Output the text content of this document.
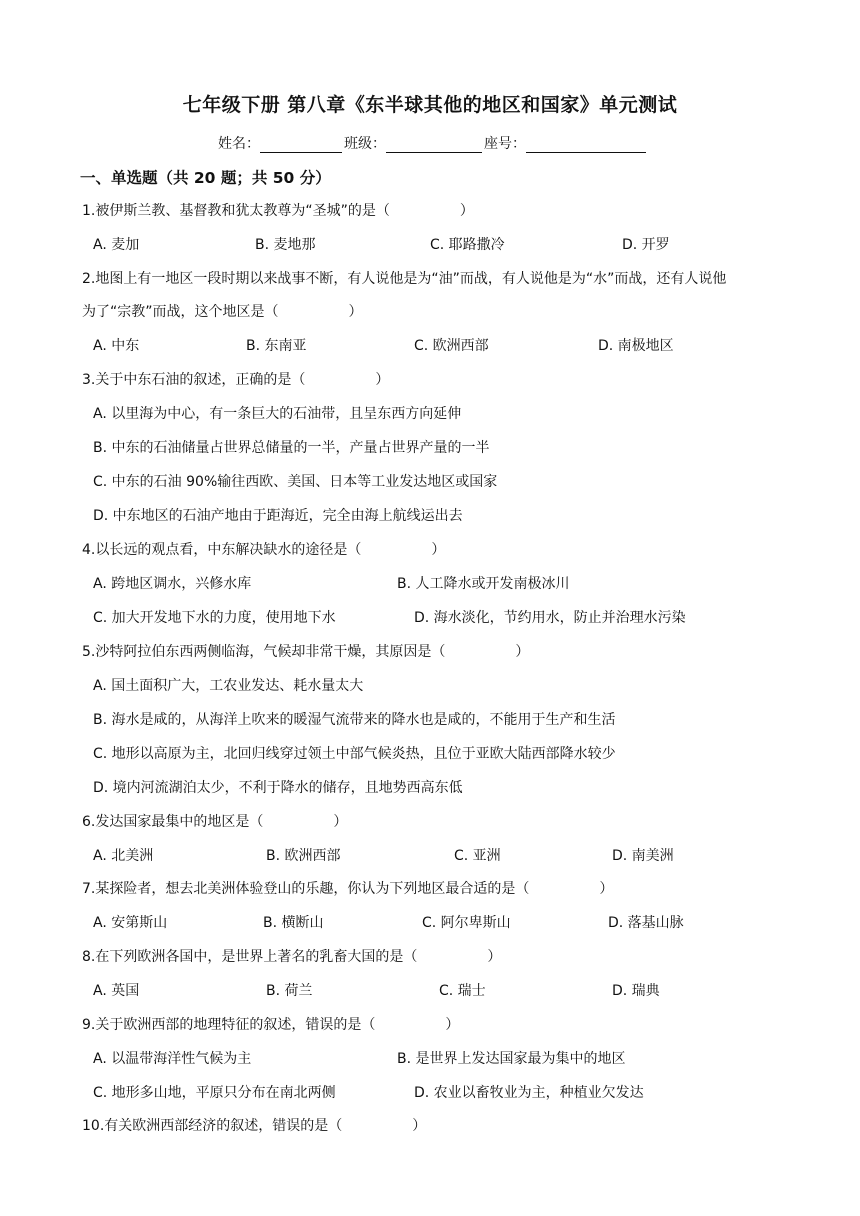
七年级下册 第八章《东半球其他的地区和国家》单元测试
姓名：	班级：	座号：
一、单选题（共 20 题；共 50 分）
1.被伊斯兰教、基督教和犹太教尊为“圣城”的是（　　　　　）
A. 麦加	B. 麦地那	C. 耶路撒冷	D. 开罗
2.地图上有一地区一段时期以来战事不断，有人说他是为“油”而战，有人说他是为“水”而战，还有人说他
为了“宗教”而战，这个地区是（　　　　　）
A. 中东	B. 东南亚	C. 欧洲西部	D. 南极地区
3.关于中东石油的叙述，正确的是（　　　　　）
A. 以里海为中心，有一条巨大的石油带，且呈东西方向延伸
B. 中东的石油储量占世界总储量的一半，产量占世界产量的一半
C. 中东的石油 90%输往西欧、美国、日本等工业发达地区或国家
D. 中东地区的石油产地由于距海近，完全由海上航线运出去
4.以长远的观点看，中东解决缺水的途径是（　　　　　）
A. 跨地区调水，兴修水库	B. 人工降水或开发南极冰川
C. 加大开发地下水的力度，使用地下水	D. 海水淡化，节约用水，防止并治理水污染
5.沙特阿拉伯东西两侧临海，气候却非常干燥，其原因是（　　　　　）
A. 国土面积广大，工农业发达、耗水量太大
B. 海水是咸的，从海洋上吹来的暖湿气流带来的降水也是咸的，不能用于生产和生活
C. 地形以高原为主，北回归线穿过领土中部气候炎热，且位于亚欧大陆西部降水较少
D. 境内河流湖泊太少，不利于降水的储存，且地势西高东低
6.发达国家最集中的地区是（　　　　　）
A. 北美洲	B. 欧洲西部	C. 亚洲	D. 南美洲
7.某探险者，想去北美洲体验登山的乐趣，你认为下列地区最合适的是（　　　　　）
A. 安第斯山	B. 横断山	C. 阿尔卑斯山	D. 落基山脉
8.在下列欧洲各国中，是世界上著名的乳畜大国的是（　　　　　）
A. 英国	B. 荷兰	C. 瑞士	D. 瑞典
9.关于欧洲西部的地理特征的叙述，错误的是（　　　　　）
A. 以温带海洋性气候为主	B. 是世界上发达国家最为集中的地区
C. 地形多山地，平原只分布在南北两侧	D. 农业以畜牧业为主，种植业欠发达
10.有关欧洲西部经济的叙述，错误的是（　　　　　）
